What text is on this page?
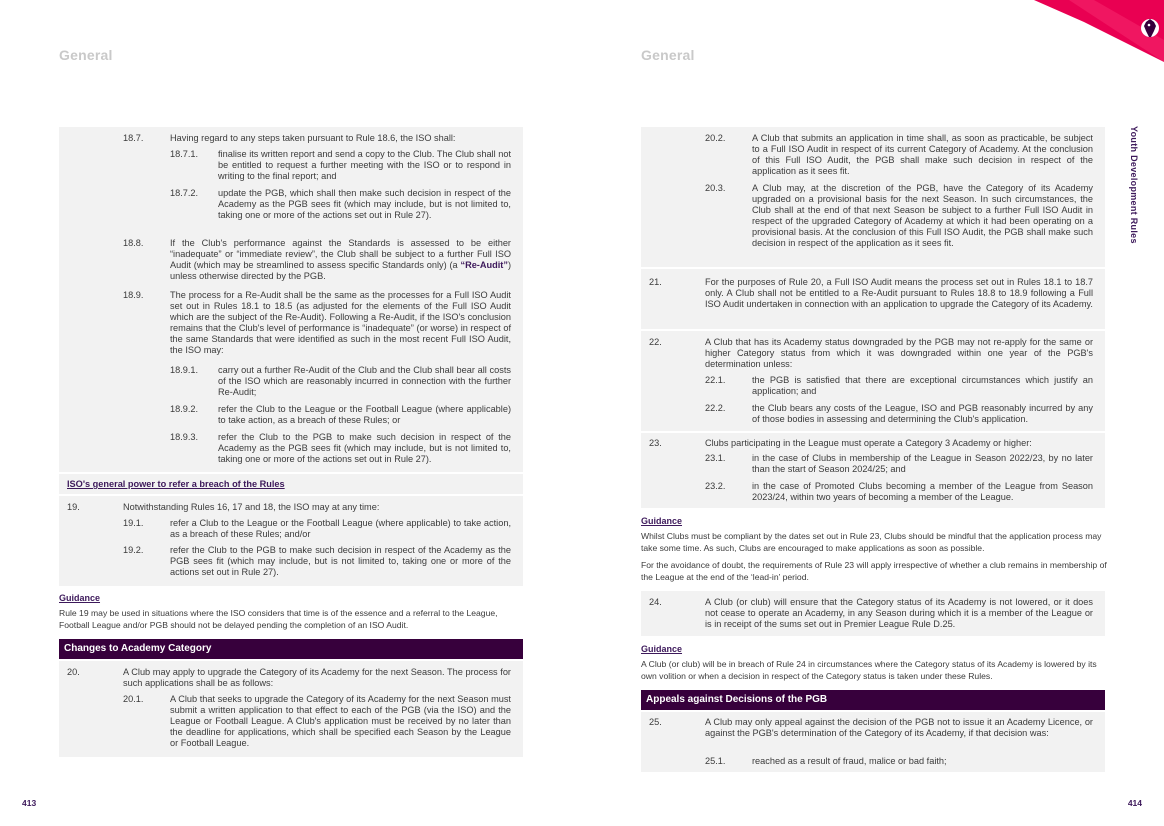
General
18.7.	Having regard to any steps taken pursuant to Rule 18.6, the ISO shall:
18.7.1.	finalise its written report and send a copy to the Club. The Club shall not be entitled to request a further meeting with the ISO or to respond in writing to the final report; and
18.7.2.	update the PGB, which shall then make such decision in respect of the Academy as the PGB sees fit (which may include, but is not limited to, taking one or more of the actions set out in Rule 27).
18.8.	If the Club's performance against the Standards is assessed to be either “inadequate” or “immediate review”, the Club shall be subject to a further Full ISO Audit (which may be streamlined to assess specific Standards only) (a “Re-Audit”) unless otherwise directed by the PGB.
18.9.	The process for a Re-Audit shall be the same as the processes for a Full ISO Audit set out in Rules 18.1 to 18.5 (as adjusted for the elements of the Full ISO Audit which are the subject of the Re-Audit). Following a Re-Audit, if the ISO's conclusion remains that the Club's level of performance is “inadequate” (or worse) in respect of the same Standards that were identified as such in the most recent Full ISO Audit, the ISO may:
18.9.1.	carry out a further Re-Audit of the Club and the Club shall bear all costs of the ISO which are reasonably incurred in connection with the further Re-Audit;
18.9.2.	refer the Club to the League or the Football League (where applicable) to take action, as a breach of these Rules; or
18.9.3.	refer the Club to the PGB to make such decision in respect of the Academy as the PGB sees fit (which may include, but is not limited to, taking one or more of the actions set out in Rule 27).
ISO's general power to refer a breach of the Rules
19.	Notwithstanding Rules 16, 17 and 18, the ISO may at any time:
19.1.	refer a Club to the League or the Football League (where applicable) to take action, as a breach of these Rules; and/or
19.2.	refer the Club to the PGB to make such decision in respect of the Academy as the PGB sees fit (which may include, but is not limited to, taking one or more of the actions set out in Rule 27).
Guidance
Rule 19 may be used in situations where the ISO considers that time is of the essence and a referral to the League, Football League and/or PGB should not be delayed pending the completion of an ISO Audit.
Changes to Academy Category
20.	A Club may apply to upgrade the Category of its Academy for the next Season. The process for such applications shall be as follows:
20.1.	A Club that seeks to upgrade the Category of its Academy for the next Season must submit a written application to that effect to each of the PGB (via the ISO) and the League or Football League. A Club's application must be received by no later than the deadline for applications, which shall be specified each Season by the League or Football League.
413
General
20.2.	A Club that submits an application in time shall, as soon as practicable, be subject to a Full ISO Audit in respect of its current Category of Academy. At the conclusion of this Full ISO Audit, the PGB shall make such decision in respect of the application as it sees fit.
20.3.	A Club may, at the discretion of the PGB, have the Category of its Academy upgraded on a provisional basis for the next Season. In such circumstances, the Club shall at the end of that next Season be subject to a further Full ISO Audit in respect of the upgraded Category of Academy at which it had been operating on a provisional basis. At the conclusion of this Full ISO Audit, the PGB shall make such decision in respect of the application as it sees fit.
21.	For the purposes of Rule 20, a Full ISO Audit means the process set out in Rules 18.1 to 18.7 only. A Club shall not be entitled to a Re-Audit pursuant to Rules 18.8 to 18.9 following a Full ISO Audit undertaken in connection with an application to upgrade the Category of its Academy.
22.	A Club that has its Academy status downgraded by the PGB may not re-apply for the same or higher Category status from which it was downgraded within one year of the PGB's determination unless:
22.1.	the PGB is satisfied that there are exceptional circumstances which justify an application; and
22.2.	the Club bears any costs of the League, ISO and PGB reasonably incurred by any of those bodies in assessing and determining the Club's application.
23.	Clubs participating in the League must operate a Category 3 Academy or higher:
23.1.	in the case of Clubs in membership of the League in Season 2022/23, by no later than the start of Season 2024/25; and
23.2.	in the case of Promoted Clubs becoming a member of the League from Season 2023/24, within two years of becoming a member of the League.
Guidance
Whilst Clubs must be compliant by the dates set out in Rule 23, Clubs should be mindful that the application process may take some time. As such, Clubs are encouraged to make applications as soon as possible.
For the avoidance of doubt, the requirements of Rule 23 will apply irrespective of whether a club remains in membership of the League at the end of the ‘lead-in’ period.
24.	A Club (or club) will ensure that the Category status of its Academy is not lowered, or it does not cease to operate an Academy, in any Season during which it is a member of the League or is in receipt of the sums set out in Premier League Rule D.25.
Guidance
A Club (or club) will be in breach of Rule 24 in circumstances where the Category status of its Academy is lowered by its own volition or when a decision in respect of the Category status is taken under these Rules.
Appeals against Decisions of the PGB
25.	A Club may only appeal against the decision of the PGB not to issue it an Academy Licence, or against the PGB's determination of the Category of its Academy, if that decision was:
25.1.	reached as a result of fraud, malice or bad faith;
414
Youth Development Rules
